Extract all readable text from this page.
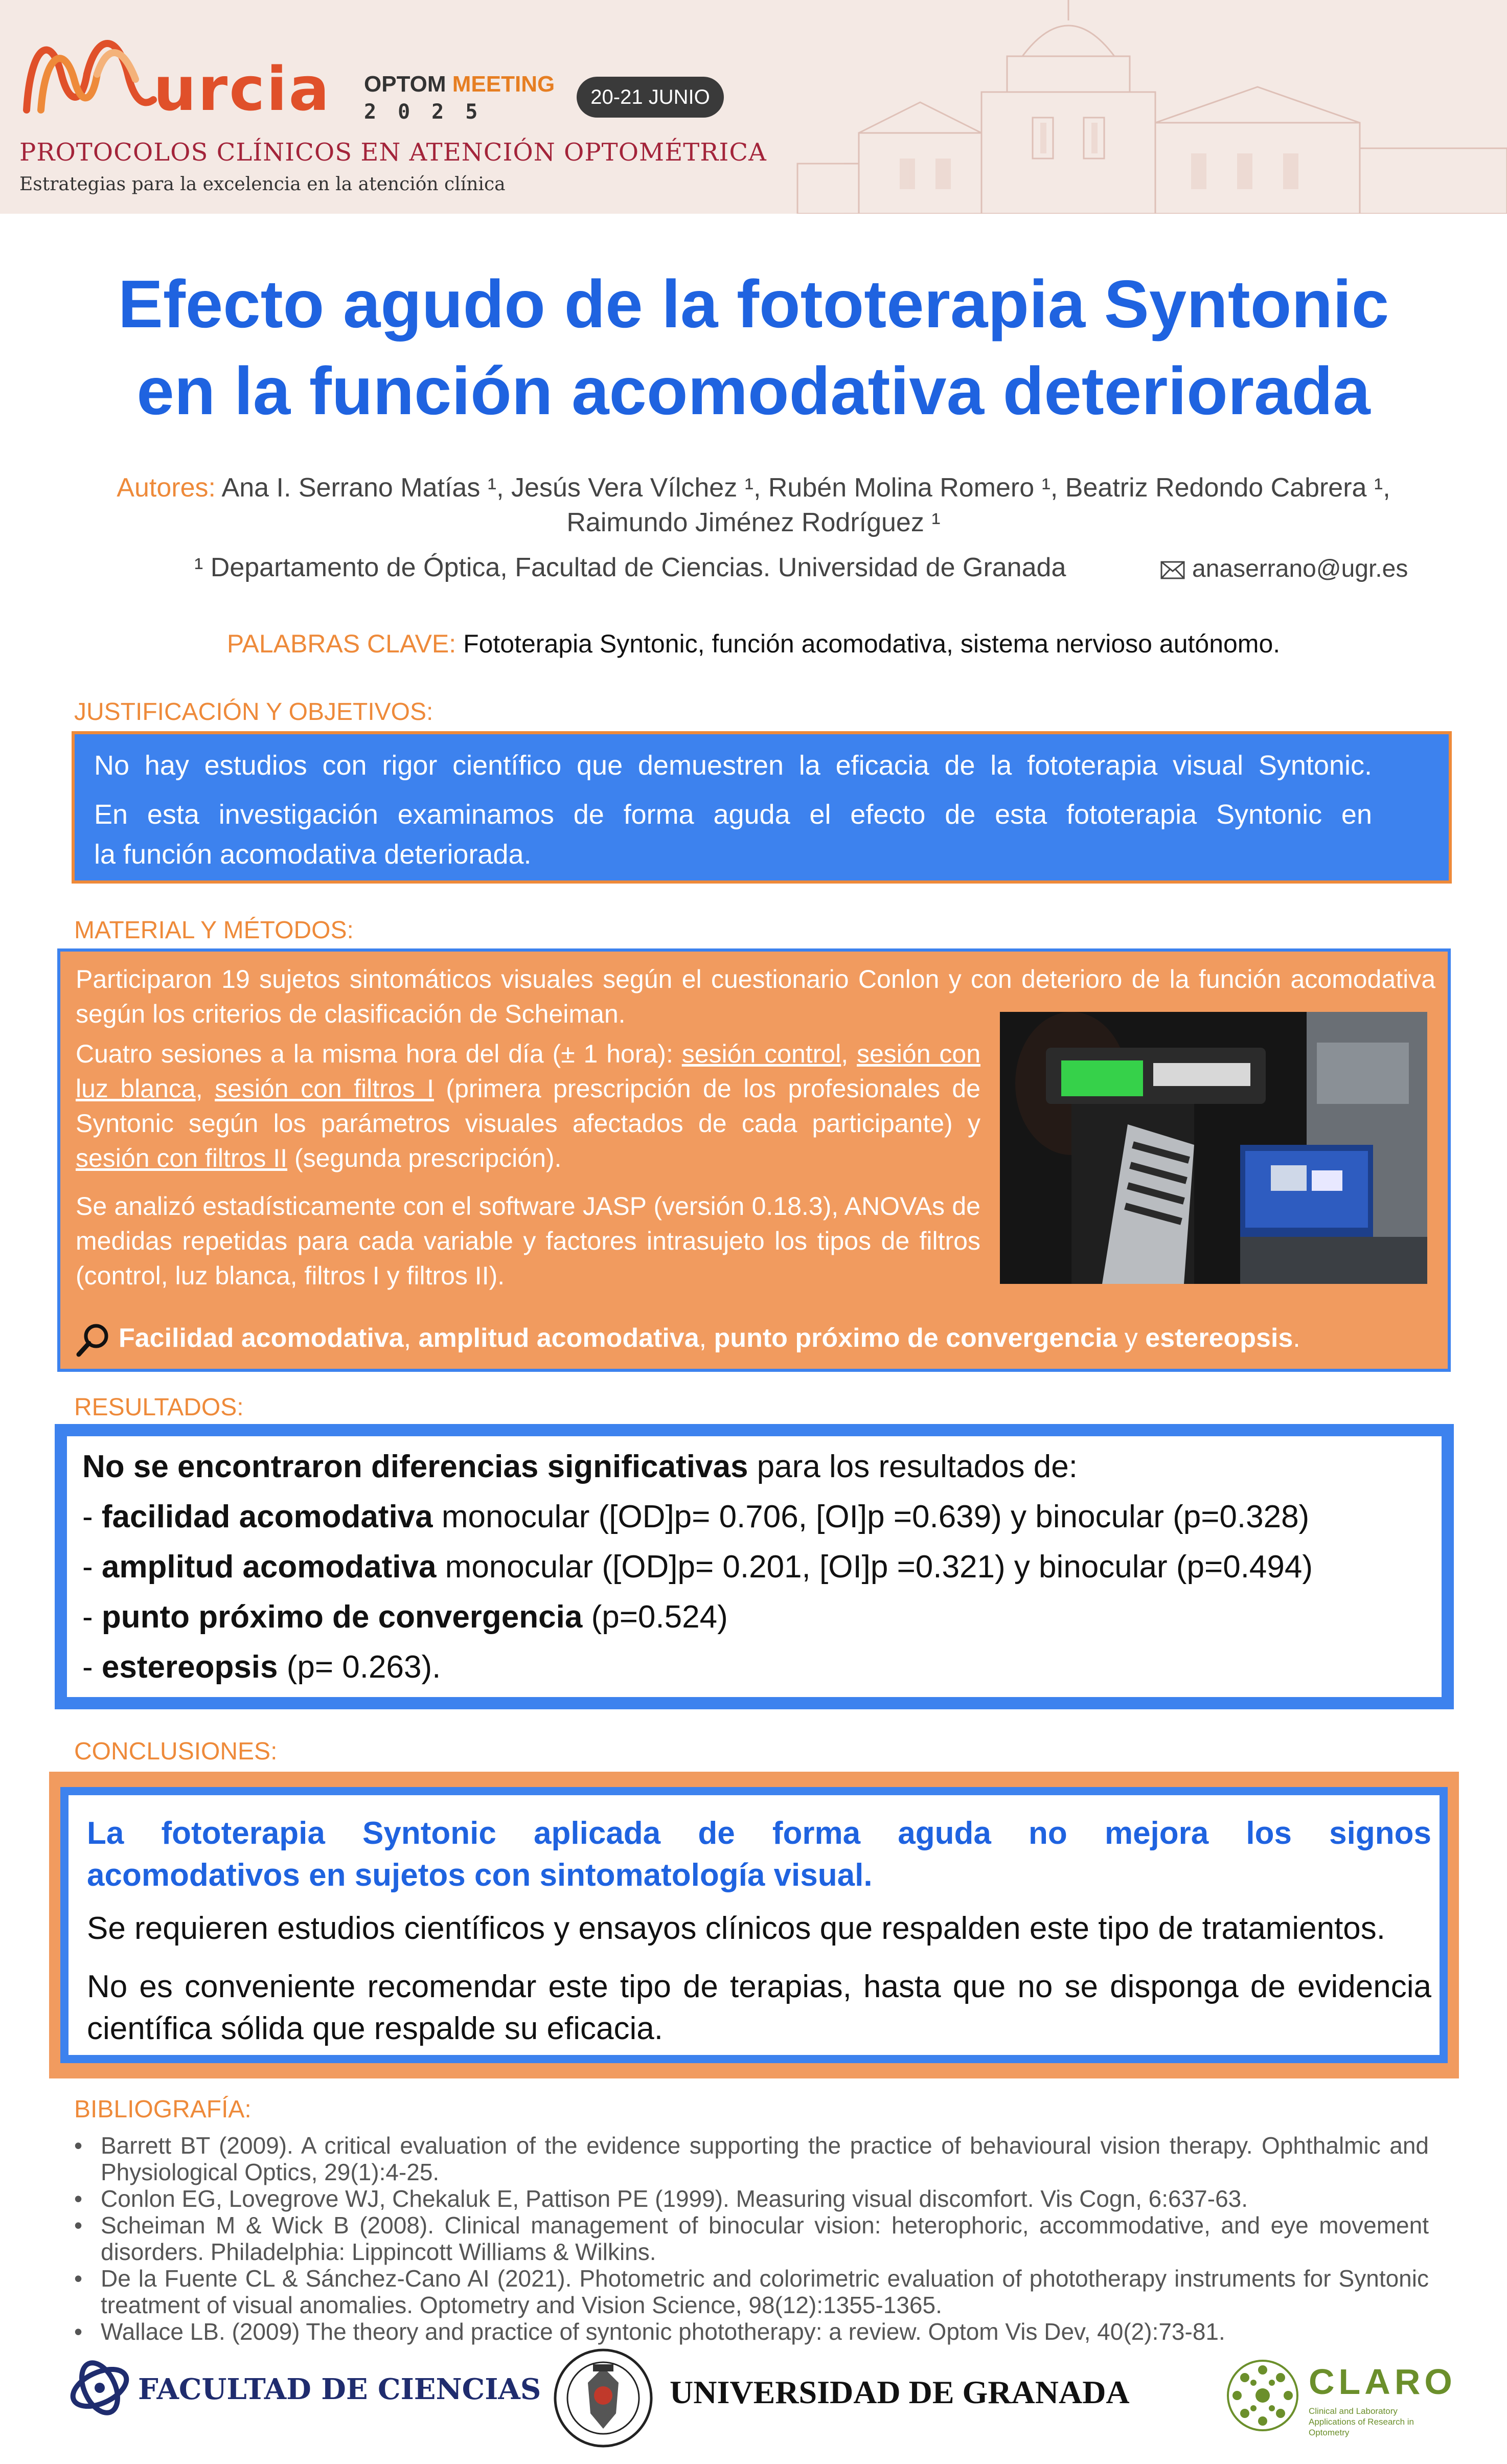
urcia OPTOM MEETING
2025
20-21 JUNIO
PROTOCOLOS CLÍNICOS EN ATENCIÓN OPTOMÉTRICA
Estrategias para la excelencia en la atención clínica
Efecto agudo de la fototerapia Syntonic
en la función acomodativa deteriorada
Autores: Ana I. Serrano Matías ¹, Jesús Vera Vílchez ¹, Rubén Molina Romero ¹, Beatriz Redondo Cabrera ¹,
Raimundo Jiménez Rodríguez ¹
¹ Departamento de Óptica, Facultad de Ciencias. Universidad de Granada	anaserrano@ugr.es
PALABRAS CLAVE: Fototerapia Syntonic, función acomodativa, sistema nervioso autónomo.
JUSTIFICACIÓN Y OBJETIVOS:

No hay estudios con rigor científico que demuestren la eficacia de la fototerapia visual Syntonic.

En esta investigación examinamos de forma aguda el efecto de esta fototerapia Syntonic en

la función acomodativa deteriorada.
MATERIAL Y MÉTODOS:
Participaron 19 sujetos sintomáticos visuales según el cuestionario Conlon y con deterioro de la función acomodativa según los criterios de clasificación de Scheiman.
Cuatro sesiones a la misma hora del día (± 1 hora): sesión control, sesión con luz blanca, sesión con filtros I (primera prescripción de los profesionales de Syntonic según los parámetros visuales afectados de cada participante) y sesión con filtros II (segunda prescripción).
Se analizó estadísticamente con el software JASP (versión 0.18.3), ANOVAs de medidas repetidas para cada variable y factores intrasujeto los tipos de filtros (control, luz blanca, filtros I y filtros II).
Facilidad acomodativa, amplitud acomodativa, punto próximo de convergencia y estereopsis.
RESULTADOS:
No se encontraron diferencias significativas para los resultados de:
- facilidad acomodativa monocular ([OD]p= 0.706, [OI]p =0.639) y binocular (p=0.328)
- amplitud acomodativa monocular ([OD]p= 0.201, [OI]p =0.321) y binocular (p=0.494)
- punto próximo de convergencia (p=0.524)
- estereopsis (p= 0.263).
CONCLUSIONES:
La fototerapia Syntonic aplicada de forma aguda no mejora los signos
acomodativos en sujetos con sintomatología visual.
Se requieren estudios científicos y ensayos clínicos que respalden este tipo de tratamientos.
No es conveniente recomendar este tipo de terapias, hasta que no se disponga de evidencia científica sólida que respalde su eficacia.
BIBLIOGRAFÍA:
• Barrett BT (2009). A critical evaluation of the evidence supporting the practice of behavioural vision therapy. Ophthalmic and Physiological Optics, 29(1):4-25.
• Conlon EG, Lovegrove WJ, Chekaluk E, Pattison PE (1999). Measuring visual discomfort. Vis Cogn, 6:637-63.
• Scheiman M & Wick B (2008). Clinical management of binocular vision: heterophoric, accommodative, and eye movement disorders. Philadelphia: Lippincott Williams & Wilkins.
• De la Fuente CL & Sánchez-Cano AI (2021). Photometric and colorimetric evaluation of phototherapy instruments for Syntonic treatment of visual anomalies. Optometry and Vision Science, 98(12):1355-1365.
• Wallace LB. (2009) The theory and practice of syntonic phototherapy: a review. Optom Vis Dev, 40(2):73-81.
FACULTAD DE CIENCIAS	UNIVERSIDAD DE GRANADA	CLARO
Clinical and Laboratory Applications of Research in Optometry
